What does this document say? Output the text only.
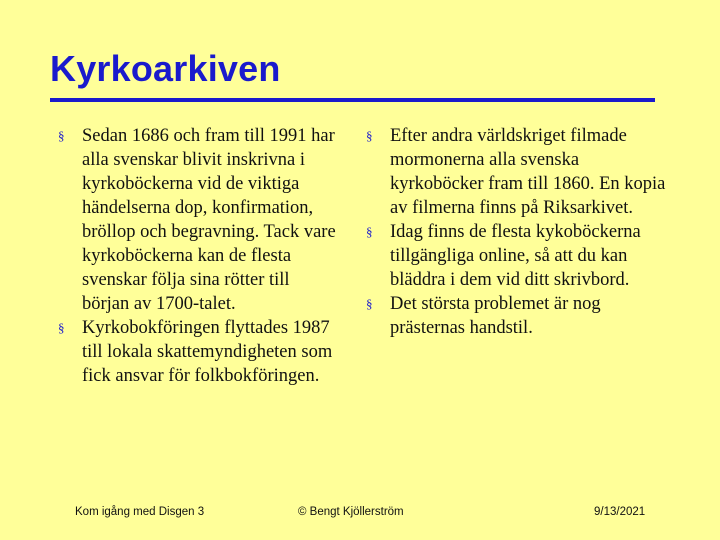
Kyrkoarkiven

§ Sedan 1686 och fram till 1991 har alla svenskar blivit inskrivna i kyrkoböckerna vid de viktiga händelserna dop, konfirmation, bröllop och begravning. Tack vare kyrkoböckerna kan de flesta svenskar följa sina rötter till början av 1700-talet.

§ Kyrkobokföringen flyttades 1987 till lokala skattemyndigheten som fick ansvar för folkbokföringen.

§ Efter andra världskriget filmade mormonerna alla svenska kyrkoböcker fram till 1860. En kopia av filmerna finns på Riksarkivet.

§ Idag finns de flesta kykoböckerna tillgängliga online, så att du kan bläddra i dem vid ditt skrivbord.

§ Det största problemet är nog prästernas handstil.

Kom igång med Disgen 3	© Bengt Kjöllerström	9/13/2021
